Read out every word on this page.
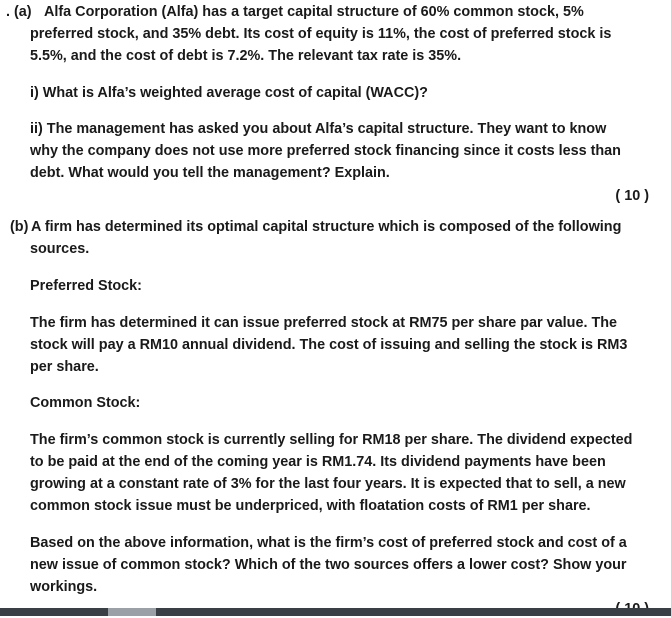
. (a) Alfa Corporation (Alfa) has a target capital structure of 60% common stock, 5%
preferred stock, and 35% debt. Its cost of equity is 11%, the cost of preferred stock is
5.5%, and the cost of debt is 7.2%. The relevant tax rate is 35%.
i) What is Alfa’s weighted average cost of capital (WACC)?
ii) The management has asked you about Alfa’s capital structure. They want to know
why the company does not use more preferred stock financing since it costs less than
debt. What would you tell the management? Explain.
( 10 )
(b) A firm has determined its optimal capital structure which is composed of the following
sources.
Preferred Stock:
The firm has determined it can issue preferred stock at RM75 per share par value. The
stock will pay a RM10 annual dividend. The cost of issuing and selling the stock is RM3
per share.
Common Stock:
The firm’s common stock is currently selling for RM18 per share. The dividend expected
to be paid at the end of the coming year is RM1.74. Its dividend payments have been
growing at a constant rate of 3% for the last four years. It is expected that to sell, a new
common stock issue must be underpriced, with floatation costs of RM1 per share.
Based on the above information, what is the firm’s cost of preferred stock and cost of a
new issue of common stock? Which of the two sources offers a lower cost? Show your
workings.
